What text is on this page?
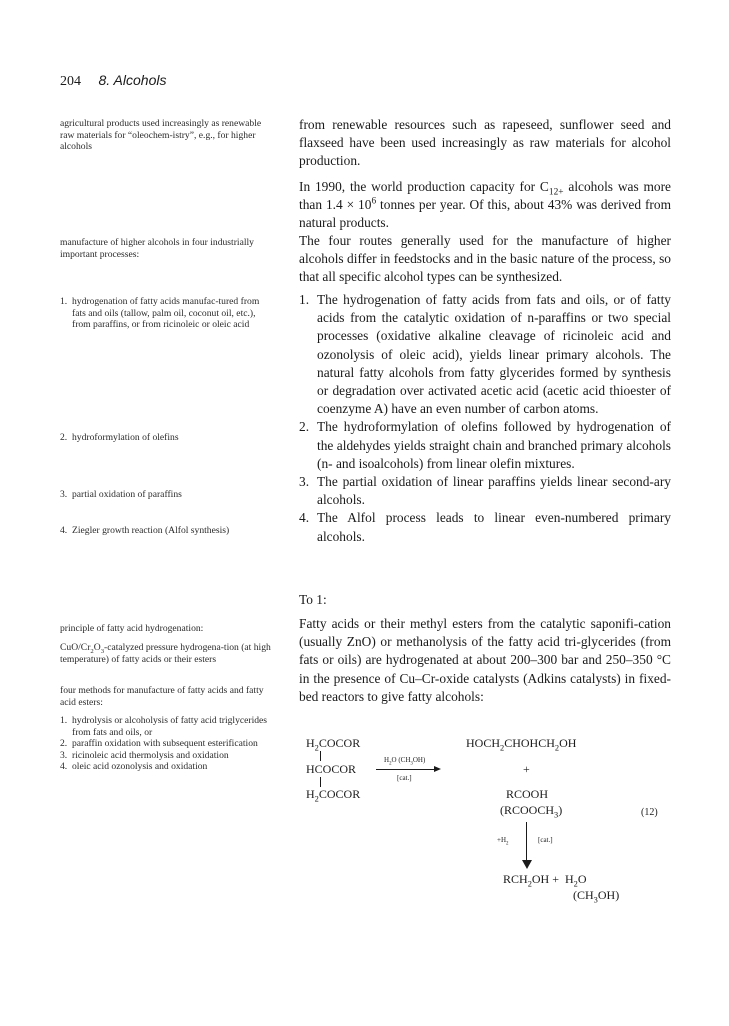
204 8. Alcohols

agricultural products used increasingly as renewable raw materials for “oleochem-istry”, e.g., for higher alcohols

manufacture of higher alcohols in four industrially important processes:

1. hydrogenation of fatty acids manufac-tured from fats and oils (tallow, palm oil, coconut oil, etc.), from paraffins, or from ricinoleic or oleic acid
2. hydroformylation of olefins
3. partial oxidation of paraffins
4. Ziegler growth reaction (Alfol synthesis)

principle of fatty acid hydrogenation:

CuO/$Cr_2O_3$-catalyzed pressure hydrogena-tion (at high temperature) of fatty acids or their esters

four methods for manufacture of fatty acids and fatty acid esters:

1. hydrolysis or alcoholysis of fatty acid triglycerides from fats and oils, or
2. paraffin oxidation with subsequent esterification
3. ricinoleic acid thermolysis and oxidation
4. oleic acid ozonolysis and oxidation

from renewable resources such as rapeseed, sunflower seed and flaxseed have been used increasingly as raw materials for alcohol production.

In 1990, the world production capacity for $C_{12+}$ alcohols was more than $1.4 \times 10^6$ tonnes per year. Of this, about 43% was derived from natural products.

The four routes generally used for the manufacture of higher alcohols differ in feedstocks and in the basic nature of the process, so that all specific alcohol types can be synthesized.

1. The hydrogenation of fatty acids from fats and oils, or of fatty acids from the catalytic oxidation of n-paraffins or two special processes (oxidative alkaline cleavage of ricinoleic acid and ozonolysis of oleic acid), yields linear primary alcohols. The natural fatty alcohols from fatty glycerides formed by synthesis or degradation over activated acetic acid (acetic acid thioester of coenzyme A) have an even number of carbon atoms.
2. The hydroformylation of olefins followed by hydrogenation of the aldehydes yields straight chain and branched primary alcohols (n- and isoalcohols) from linear olefin mixtures.
3. The partial oxidation of linear paraffins yields linear second-ary alcohols.
4. The Alfol process leads to linear even-numbered primary alcohols.
To 1:

Fatty acids or their methyl esters from the catalytic saponifi-cation (usually ZnO) or methanolysis of the fatty acid tri-glycerides (from fats or oils) are hydrogenated at about 200–300 bar and 250–350 °C in the presence of Cu–Cr-oxide catalysts (Adkins catalysts) in fixed-bed reactors to give fatty alcohols:

$H_2COCOR$
HCOCOR
$H_2COCOR$
$H_2O$ $(CH_3OH)$
[cat.]
$HOCH_2CHOHCH_2OH$
+
RCOOH
$(RCOOCH_3)$	(12)
$+H_2$	[cat.]
$RCH_2OH + H_2O$
$(CH_3OH)$
